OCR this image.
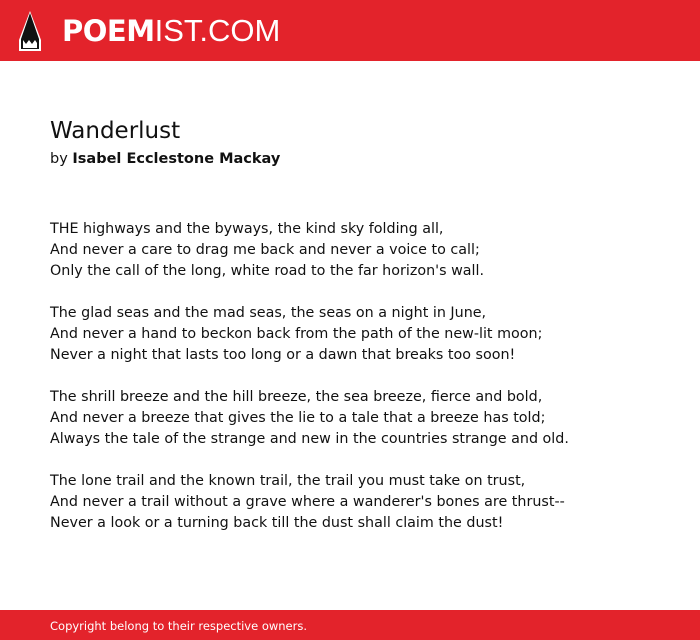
POEMIST.COM
Wanderlust
by Isabel Ecclestone Mackay
THE highways and the byways, the kind sky folding all,
And never a care to drag me back and never a voice to call;
Only the call of the long, white road to the far horizon's wall.
The glad seas and the mad seas, the seas on a night in June,
And never a hand to beckon back from the path of the new-lit moon;
Never a night that lasts too long or a dawn that breaks too soon!
The shrill breeze and the hill breeze, the sea breeze, fierce and bold,
And never a breeze that gives the lie to a tale that a breeze has told;
Always the tale of the strange and new in the countries strange and old.
The lone trail and the known trail, the trail you must take on trust,
And never a trail without a grave where a wanderer's bones are thrust--
Never a look or a turning back till the dust shall claim the dust!
Copyright belong to their respective owners.
